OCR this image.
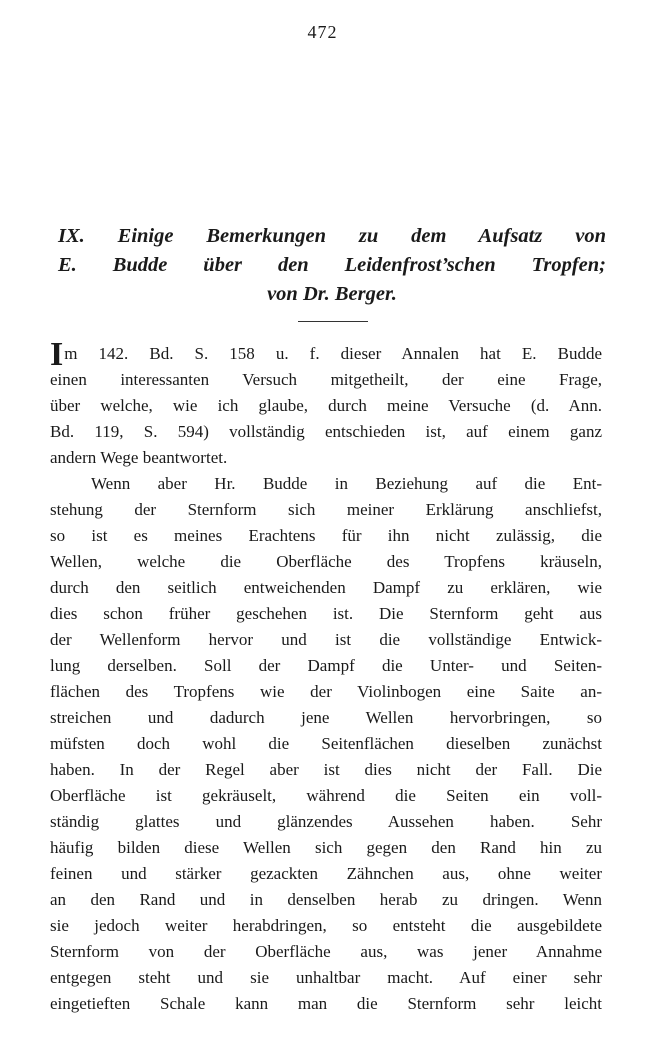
472
IX. Einige Bemerkungen zu dem Aufsatz von
E. Budde über den Leidenfrost’schen Tropfen;
von Dr. Berger.
Im 142. Bd. S. 158 u. f. dieser Annalen hat E. Budde
einen interessanten Versuch mitgetheilt, der eine Frage,
über welche, wie ich glaube, durch meine Versuche (d. Ann.
Bd. 119, S. 594) vollständig entschieden ist, auf einem ganz
andern Wege beantwortet.
Wenn aber Hr. Budde in Beziehung auf die Ent-
stehung der Sternform sich meiner Erklärung anschliefst,
so ist es meines Erachtens für ihn nicht zulässig, die
Wellen, welche die Oberfläche des Tropfens kräuseln,
durch den seitlich entweichenden Dampf zu erklären, wie
dies schon früher geschehen ist. Die Sternform geht aus
der Wellenform hervor und ist die vollständige Entwick-
lung derselben. Soll der Dampf die Unter- und Seiten-
flächen des Tropfens wie der Violinbogen eine Saite an-
streichen und dadurch jene Wellen hervorbringen, so
müfsten doch wohl die Seitenflächen dieselben zunächst
haben. In der Regel aber ist dies nicht der Fall. Die
Oberfläche ist gekräuselt, während die Seiten ein voll-
ständig glattes und glänzendes Aussehen haben. Sehr
häufig bilden diese Wellen sich gegen den Rand hin zu
feinen und stärker gezackten Zähnchen aus, ohne weiter
an den Rand und in denselben herab zu dringen. Wenn
sie jedoch weiter herabdringen, so entsteht die ausgebildete
Sternform von der Oberfläche aus, was jener Annahme
entgegen steht und sie unhaltbar macht. Auf einer sehr
eingetieften Schale kann man die Sternform sehr leicht
